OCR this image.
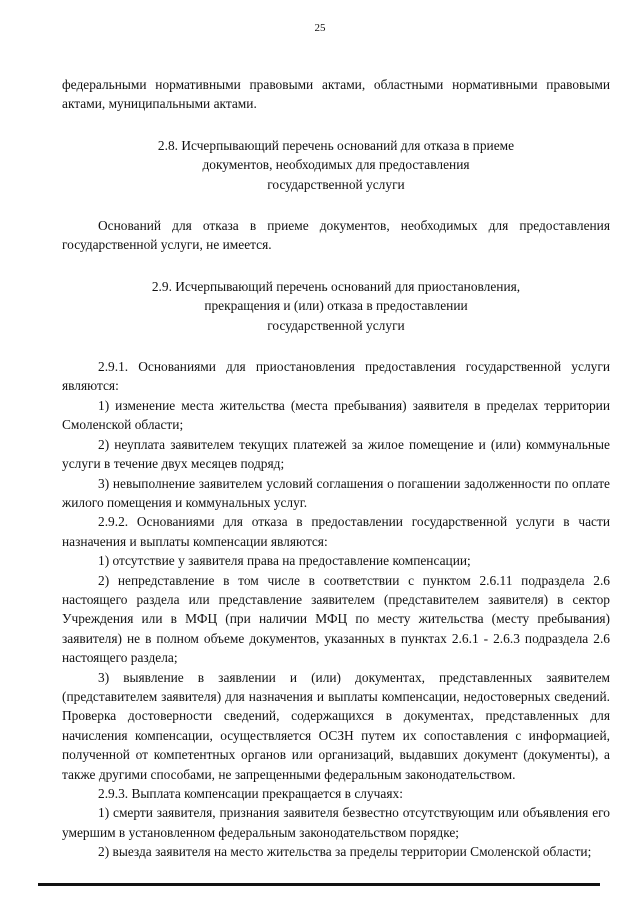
25

федеральными нормативными правовыми актами, областными нормативными правовыми актами, муниципальными актами.

2.8. Исчерпывающий перечень оснований для отказа в приеме
документов, необходимых для предоставления
государственной услуги

Оснований для отказа в приеме документов, необходимых для предоставления государственной услуги, не имеется.

2.9. Исчерпывающий перечень оснований для приостановления,
прекращения и (или) отказа в предоставлении
государственной услуги

2.9.1. Основаниями для приостановления предоставления государственной услуги являются:

1) изменение места жительства (места пребывания) заявителя в пределах территории Смоленской области;

2) неуплата заявителем текущих платежей за жилое помещение и (или) коммунальные услуги в течение двух месяцев подряд;

3) невыполнение заявителем условий соглашения о погашении задолженности по оплате жилого помещения и коммунальных услуг.

2.9.2. Основаниями для отказа в предоставлении государственной услуги в части назначения и выплаты компенсации являются:

1) отсутствие у заявителя права на предоставление компенсации;

2) непредставление в том числе в соответствии с пунктом 2.6.11 подраздела 2.6 настоящего раздела или представление заявителем (представителем заявителя) в сектор Учреждения или в МФЦ (при наличии МФЦ по месту жительства (месту пребывания) заявителя) не в полном объеме документов, указанных в пунктах 2.6.1 - 2.6.3 подраздела 2.6 настоящего раздела;

3) выявление в заявлении и (или) документах, представленных заявителем (представителем заявителя) для назначения и выплаты компенсации, недостоверных сведений. Проверка достоверности сведений, содержащихся в документах, представленных для начисления компенсации, осуществляется ОСЗН путем их сопоставления с информацией, полученной от компетентных органов или организаций, выдавших документ (документы), а также другими способами, не запрещенными федеральным законодательством.

2.9.3. Выплата компенсации прекращается в случаях:

1) смерти заявителя, признания заявителя безвестно отсутствующим или объявления его умершим в установленном федеральным законодательством порядке;

2) выезда заявителя на место жительства за пределы территории Смоленской области;
